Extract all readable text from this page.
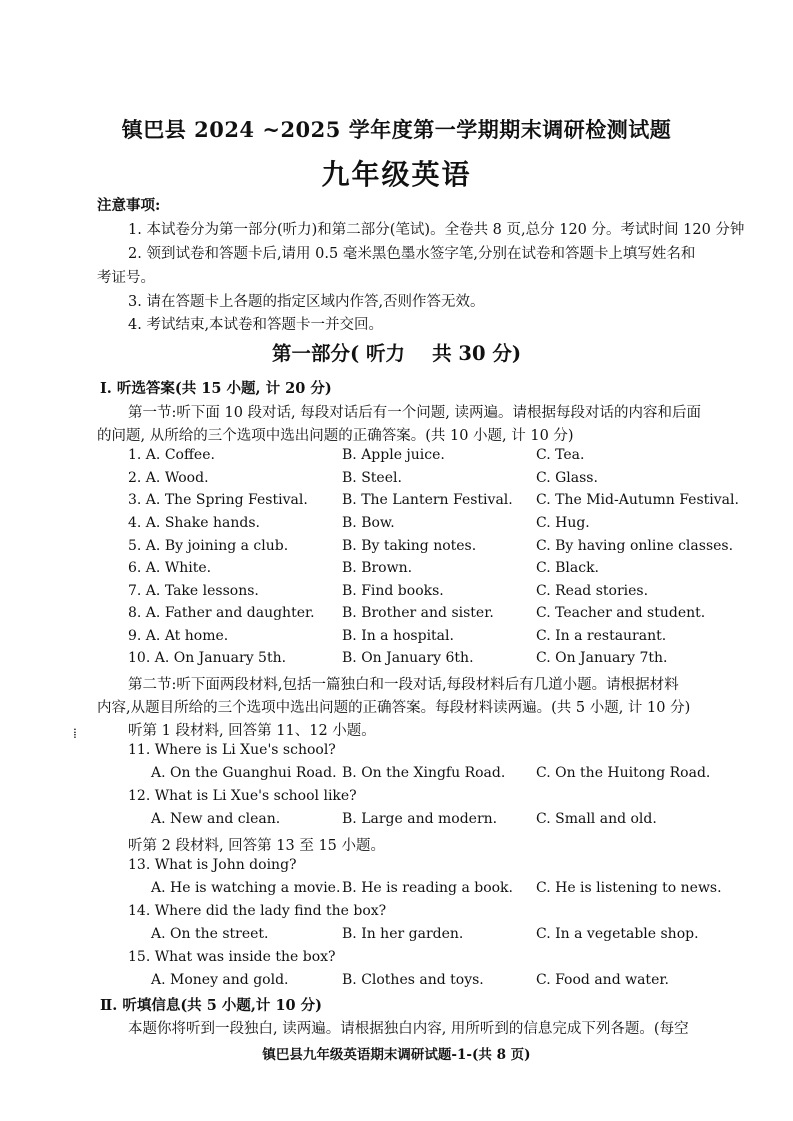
镇巴县 2024 ~2025 学年度第一学期期末调研检测试题
九年级英语
注意事项:
1. 本试卷分为第一部分(听力)和第二部分(笔试)。全卷共 8 页,总分 120 分。考试时间 120 分钟
2. 领到试卷和答题卡后,请用 0.5 毫米黑色墨水签字笔,分别在试卷和答题卡上填写姓名和
考证号。
3. 请在答题卡上各题的指定区域内作答,否则作答无效。
4. 考试结束,本试卷和答题卡一并交回。
第一部分( 听力    共 30 分)
Ⅰ. 听选答案(共 15 小题, 计 20 分)
第一节:听下面 10 段对话, 每段对话后有一个问题, 读两遍。请根据每段对话的内容和后面
的问题, 从所给的三个选项中选出问题的正确答案。(共 10 小题, 计 10 分)
1. A. Coffee.	B. Apple juice.	C. Tea.
2. A. Wood.	B. Steel.	C. Glass.
3. A. The Spring Festival. B. The Lantern Festival. C. The Mid-Autumn Festival.
4. A. Shake hands.	B. Bow.	C. Hug.
5. A. By joining a club.	B. By taking notes.	C. By having online classes.
6. A. White.	B. Brown.	C. Black.
7. A. Take lessons.	B. Find books.	C. Read stories.
8. A. Father and daughter. B. Brother and sister.	C. Teacher and student.
9. A. At home.	B. In a hospital.	C. In a restaurant.
10. A. On January 5th.	B. On January 6th.	C. On January 7th.
第二节:听下面两段材料,包括一篇独白和一段对话,每段材料后有几道小题。请根据材料
内容,从题目所给的三个选项中选出问题的正确答案。每段材料读两遍。(共 5 小题, 计 10 分)
听第 1 段材料, 回答第 11、12 小题。
⁞
11. Where is Li Xue's school?
A. On the Guanghui Road. B. On the Xingfu Road. C. On the Huitong Road.
12. What is Li Xue's school like?
A. New and clean.	B. Large and modern.	C. Small and old.
听第 2 段材料, 回答第 13 至 15 小题。
13. What is John doing?
A. He is watching a movie. B. He is reading a book. C. He is listening to news.
14. Where did the lady find the box?
A. On the street.	B. In her garden.	C. In a vegetable shop.
15. What was inside the box?
A. Money and gold.	B. Clothes and toys.	C. Food and water.
Ⅱ. 听填信息(共 5 小题,计 10 分)
本题你将听到一段独白, 读两遍。请根据独白内容, 用所听到的信息完成下列各题。(每空
镇巴县九年级英语期末调研试题-1-(共 8 页)
